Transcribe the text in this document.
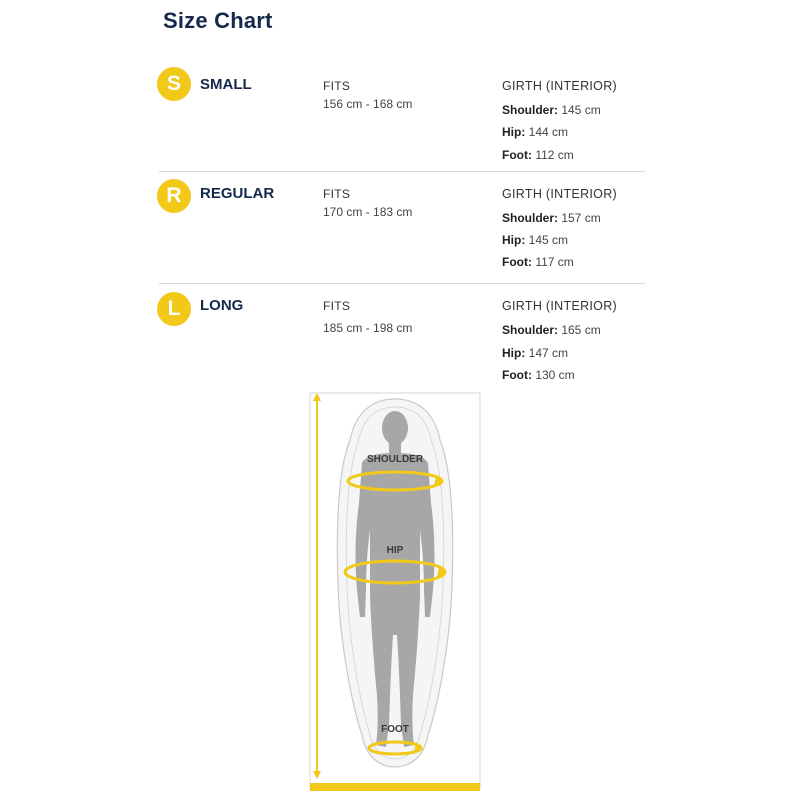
Size Chart
S	SMALL	FITS
156 cm - 168 cm
GIRTH (INTERIOR)
Shoulder: 145 cm
Hip: 144 cm
Foot: 112 cm
R	REGULAR	FITS
170 cm - 183 cm
GIRTH (INTERIOR)
Shoulder: 157 cm
Hip: 145 cm
Foot: 117 cm
L	LONG	FITS
185 cm - 198 cm
GIRTH (INTERIOR)
Shoulder: 165 cm
Hip: 147 cm
Foot: 130 cm
SHOULDER
HIP
FOOT
